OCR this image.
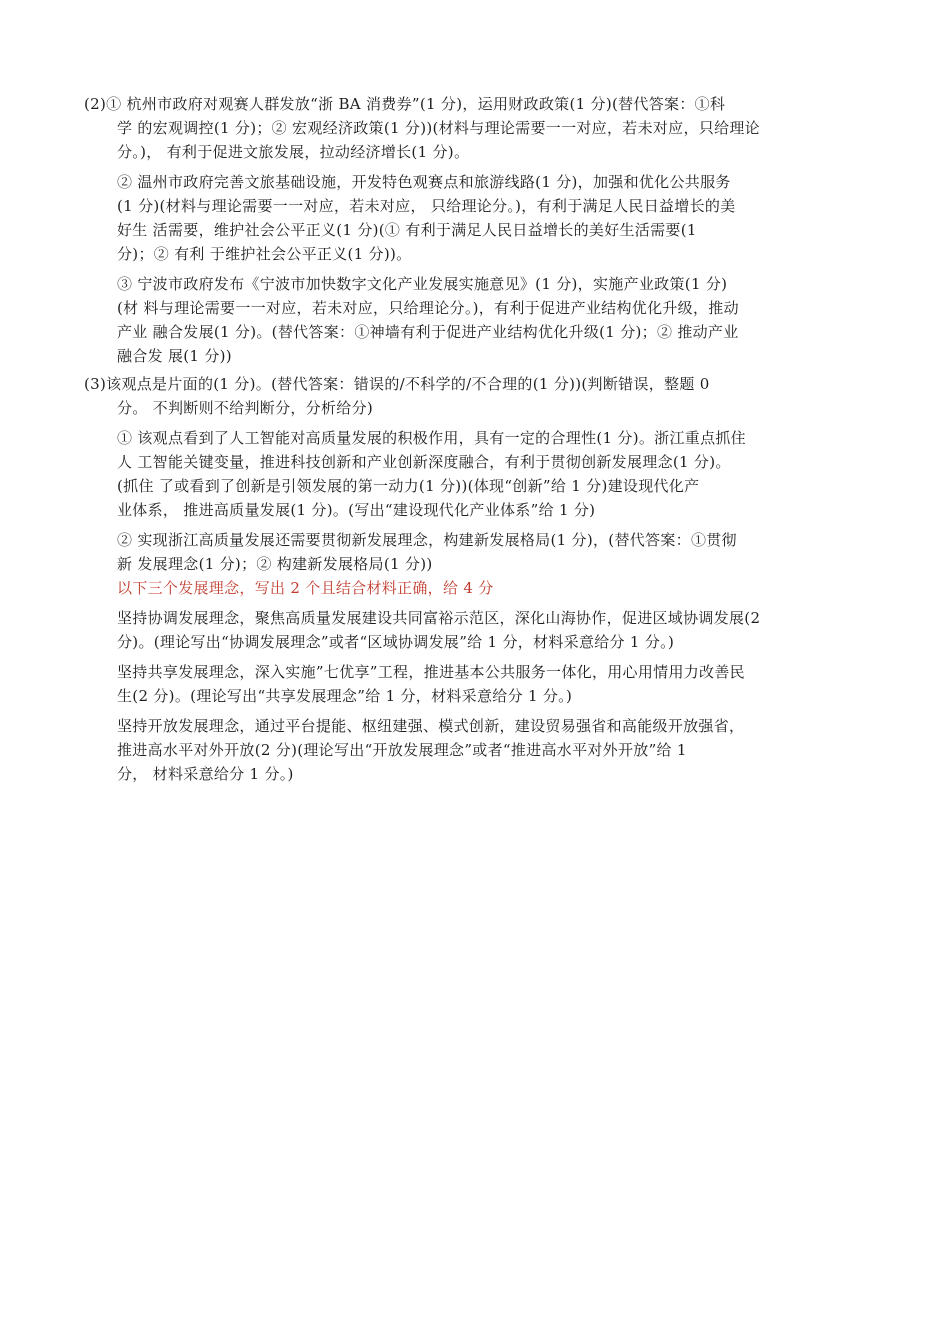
(2)① 杭州市政府对观赛人群发放“浙 BA 消费券”(1 分)，运用财政政策(1 分)(替代答案：①科
学 的宏观调控(1 分)；② 宏观经济政策(1 分))(材料与理论需要一一对应，若未对应，只给理论
分。)， 有利于促进文旅发展，拉动经济增长(1 分)。
② 温州市政府完善文旅基础设施，开发特色观赛点和旅游线路(1 分)，加强和优化公共服务
(1 分)(材料与理论需要一一对应，若未对应， 只给理论分。)，有利于满足人民日益增长的美
好生 活需要，维护社会公平正义(1 分)(① 有利于满足人民日益增长的美好生活需要(1
分)；② 有利 于维护社会公平正义(1 分))。
③ 宁波市政府发布《宁波市加快数字文化产业发展实施意见》(1 分)，实施产业政策(1 分)
(材 料与理论需要一一对应，若未对应，只给理论分。)，有利于促进产业结构优化升级，推动
产业 融合发展(1 分)。(替代答案：①神墙有利于促进产业结构优化升级(1 分)；② 推动产业
融合发 展(1 分))
(3)该观点是片面的(1 分)。(替代答案：错误的/不科学的/不合理的(1 分))(判断错误，整题 0
分。 不判断则不给判断分，分析给分)
① 该观点看到了人工智能对高质量发展的积极作用，具有一定的合理性(1 分)。浙江重点抓住
人 工智能关键变量，推进科技创新和产业创新深度融合，有利于贯彻创新发展理念(1 分)。
(抓住 了或看到了创新是引领发展的第一动力(1 分))(体现“创新”给 1 分)建设现代化产
业体系， 推进高质量发展(1 分)。(写出“建设现代化产业体系”给 1 分)
② 实现浙江高质量发展还需要贯彻新发展理念，构建新发展格局(1 分)，(替代答案：①贯彻
新 发展理念(1 分)；② 构建新发展格局(1 分))
以下三个发展理念，写出 2 个且结合材料正确，给 4 分
坚持协调发展理念，聚焦高质量发展建设共同富裕示范区，深化山海协作，促进区域协调发展(2
分)。(理论写出“协调发展理念”或者“区域协调发展”给 1 分，材料采意给分 1 分。)
坚持共享发展理念，深入实施”七优享”工程，推进基本公共服务一体化，用心用情用力改善民
生(2 分)。(理论写出“共享发展理念”给 1 分，材料采意给分 1 分。)
坚持开放发展理念，通过平台提能、枢纽建强、模式创新，建设贸易强省和高能级开放强省，
推进高水平对外开放(2 分)(理论写出“开放发展理念”或者“推进高水平对外开放”给 1
分， 材料采意给分 1 分。)
